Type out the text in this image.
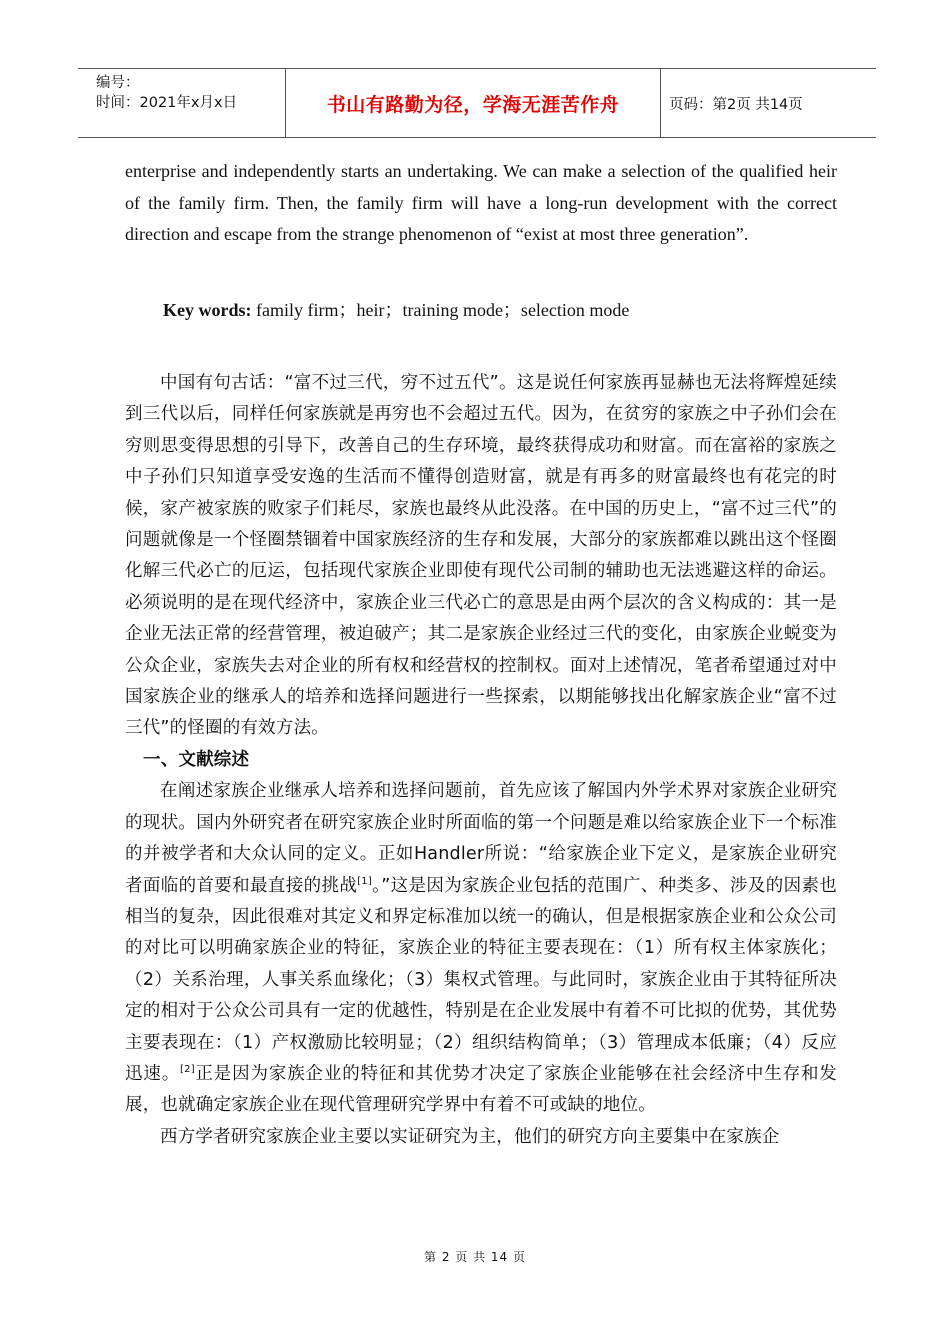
编号：
时间：2021年x月x日	书山有路勤为径，学海无涯苦作舟	页码：第2页 共14页
enterprise and independently starts an undertaking. We can make a selection of the qualified heir of the family firm. Then, the family firm will have a long-run development with the correct direction and escape from the strange phenomenon of “exist at most three generation”.
Key words: family firm；heir；training mode；selection mode

中国有句古话：“富不过三代，穷不过五代”。这是说任何家族再显赫也无法将辉煌延续到三代以后，同样任何家族就是再穷也不会超过五代。因为，在贫穷的家族之中子孙们会在穷则思变得思想的引导下，改善自己的生存环境，最终获得成功和财富。而在富裕的家族之中子孙们只知道享受安逸的生活而不懂得创造财富，就是有再多的财富最终也有花完的时候，家产被家族的败家子们耗尽，家族也最终从此没落。在中国的历史上，“富不过三代”的问题就像是一个怪圈禁锢着中国家族经济的生存和发展，大部分的家族都难以跳出这个怪圈化解三代必亡的厄运，包括现代家族企业即使有现代公司制的辅助也无法逃避这样的命运。必须说明的是在现代经济中，家族企业三代必亡的意思是由两个层次的含义构成的：其一是企业无法正常的经营管理，被迫破产；其二是家族企业经过三代的变化，由家族企业蜕变为公众企业，家族失去对企业的所有权和经营权的控制权。面对上述情况，笔者希望通过对中国家族企业的继承人的培养和选择问题进行一些探索，以期能够找出化解家族企业“富不过三代”的怪圈的有效方法。

一、文献综述

在阐述家族企业继承人培养和选择问题前，首先应该了解国内外学术界对家族企业研究的现状。国内外研究者在研究家族企业时所面临的第一个问题是难以给家族企业下一个标准的并被学者和大众认同的定义。正如Handler所说：“给家族企业下定义，是家族企业研究者面临的首要和最直接的挑战[1]。”这是因为家族企业包括的范围广、种类多、涉及的因素也相当的复杂，因此很难对其定义和界定标准加以统一的确认，但是根据家族企业和公众公司的对比可以明确家族企业的特征，家族企业的特征主要表现在：（1）所有权主体家族化；（2）关系治理，人事关系血缘化；（3）集权式管理。与此同时，家族企业由于其特征所决定的相对于公众公司具有一定的优越性，特别是在企业发展中有着不可比拟的优势，其优势主要表现在：（1）产权激励比较明显；（2）组织结构简单；（3）管理成本低廉；（4）反应迅速。[2]正是因为家族企业的特征和其优势才决定了家族企业能够在社会经济中生存和发展，也就确定家族企业在现代管理研究学界中有着不可或缺的地位。

西方学者研究家族企业主要以实证研究为主，他们的研究方向主要集中在家族企

第 2 页 共 14 页
